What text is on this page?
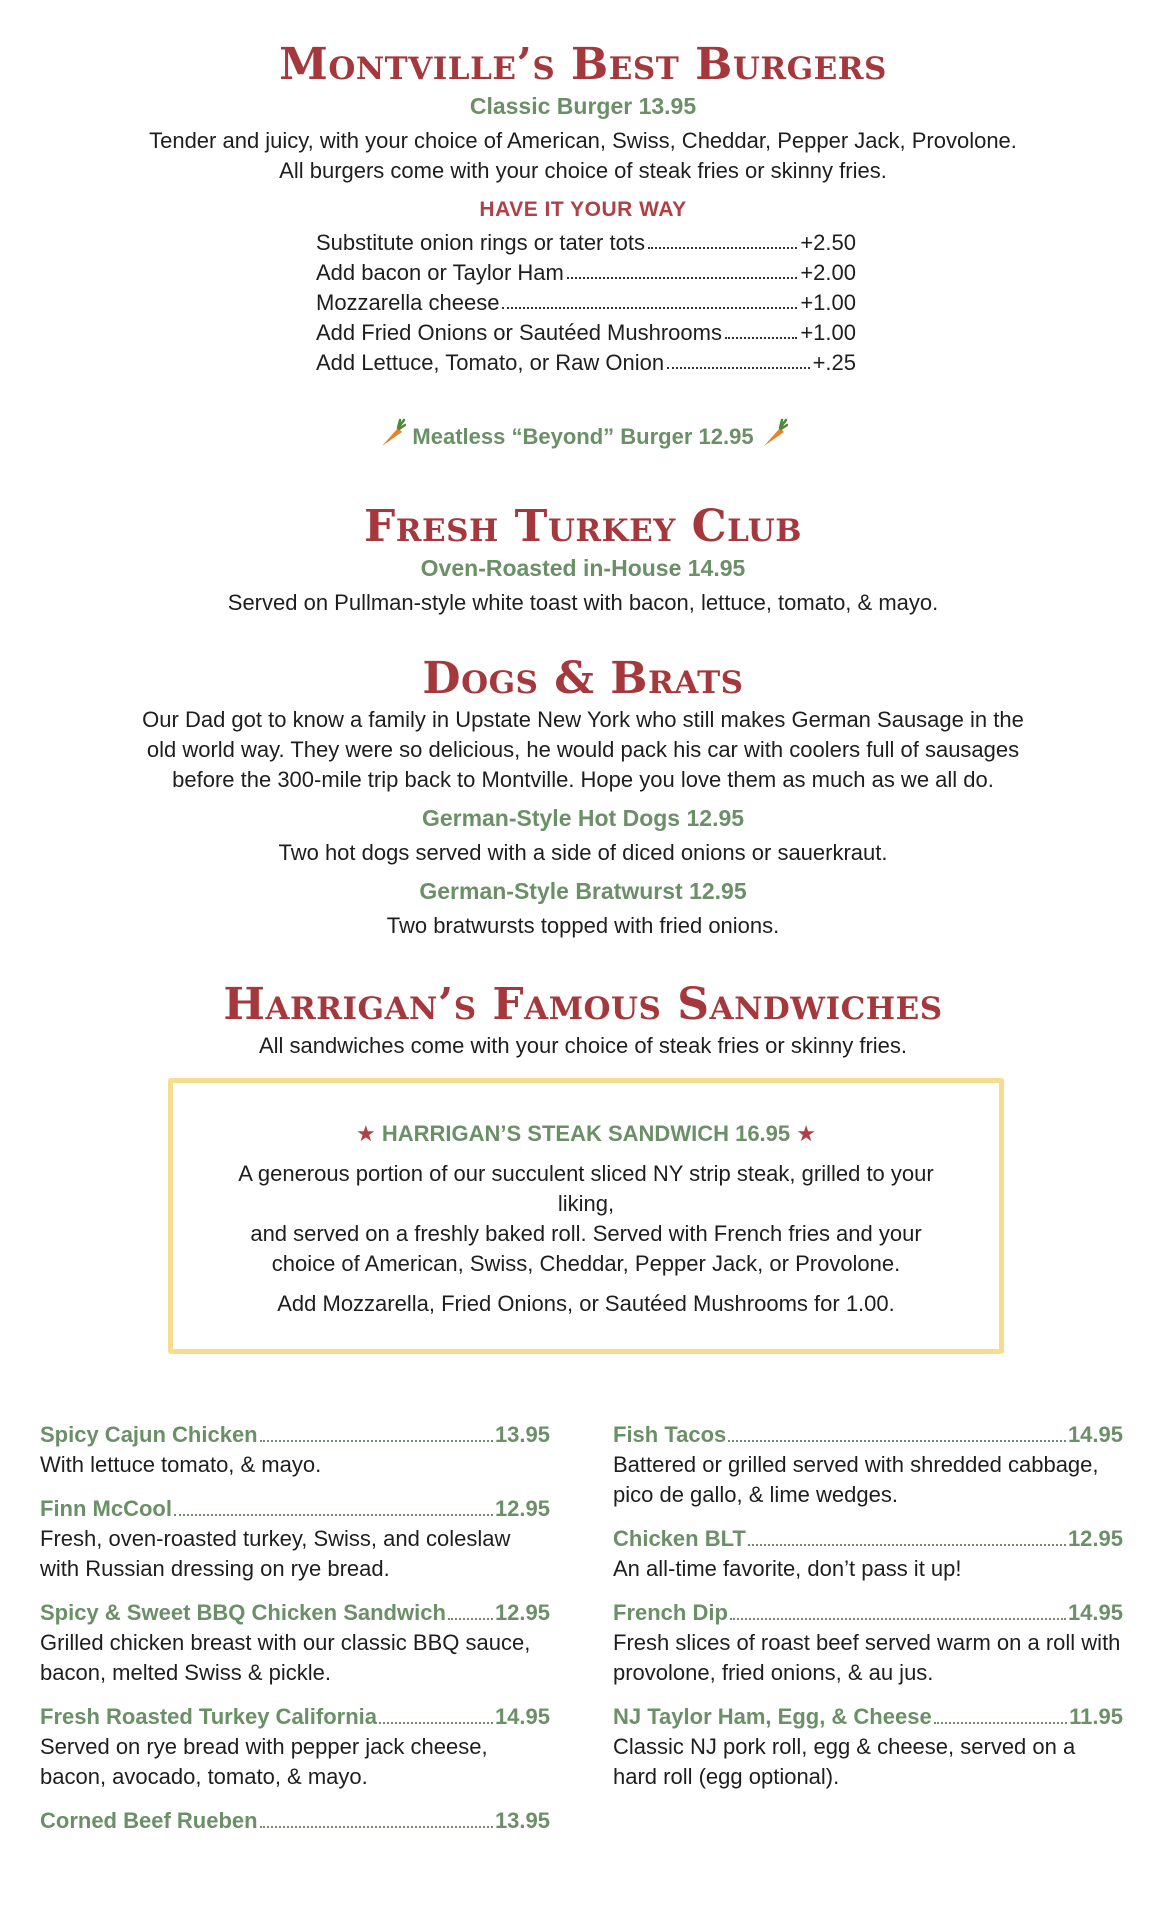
Montville’s Best Burgers
Classic Burger 13.95

Tender and juicy, with your choice of American, Swiss, Cheddar, Pepper Jack, Provolone.

All burgers come with your choice of steak fries or skinny fries.

HAVE IT YOUR WAY
Substitute onion rings or tater tots	+2.50
Add bacon or Taylor Ham	+2.00
Mozzarella cheese	+1.00
Add Fried Onions or Sautéed Mushrooms	+1.00
Add Lettuce, Tomato, or Raw Onion	+.25
Meatless “Beyond” Burger 12.95
Fresh Turkey Club
Oven-Roasted in-House 14.95

Served on Pullman-style white toast with bacon, lettuce, tomato, & mayo.

Dogs & Brats

Our Dad got to know a family in Upstate New York who still makes German Sausage in the

old world way. They were so delicious, he would pack his car with coolers full of sausages

before the 300-mile trip back to Montville. Hope you love them as much as we all do.

German-Style Hot Dogs 12.95

Two hot dogs served with a side of diced onions or sauerkraut.

German-Style Bratwurst 12.95

Two bratwursts topped with fried onions.

Harrigan’s Famous Sandwiches

All sandwiches come with your choice of steak fries or skinny fries.

★ HARRIGAN’S STEAK SANDWICH 16.95 ★

A generous portion of our succulent sliced NY strip steak, grilled to your

liking,

and served on a freshly baked roll. Served with French fries and your

choice of American, Swiss, Cheddar, Pepper Jack, or Provolone.

Add Mozzarella, Fried Onions, or Sautéed Mushrooms for 1.00.

Spicy Cajun Chicken	13.95
With lettuce tomato, & mayo.
Finn McCool	12.95
Fresh, oven-roasted turkey, Swiss, and coleslaw with Russian dressing on rye bread.
Spicy & Sweet BBQ Chicken Sandwich 12.95
Grilled chicken breast with our classic BBQ sauce, bacon, melted Swiss & pickle.
Fresh Roasted Turkey California	14.95
Served on rye bread with pepper jack cheese, bacon, avocado, tomato, & mayo.
Corned Beef Rueben	13.95
Fish Tacos	14.95
Battered or grilled served with shredded cabbage, pico de gallo, & lime wedges.
Chicken BLT	12.95
An all-time favorite, don’t pass it up!
French Dip	14.95
Fresh slices of roast beef served warm on a roll with provolone, fried onions, & au jus.
NJ Taylor Ham, Egg, & Cheese	11.95
Classic NJ pork roll, egg & cheese, served on a hard roll (egg optional).
